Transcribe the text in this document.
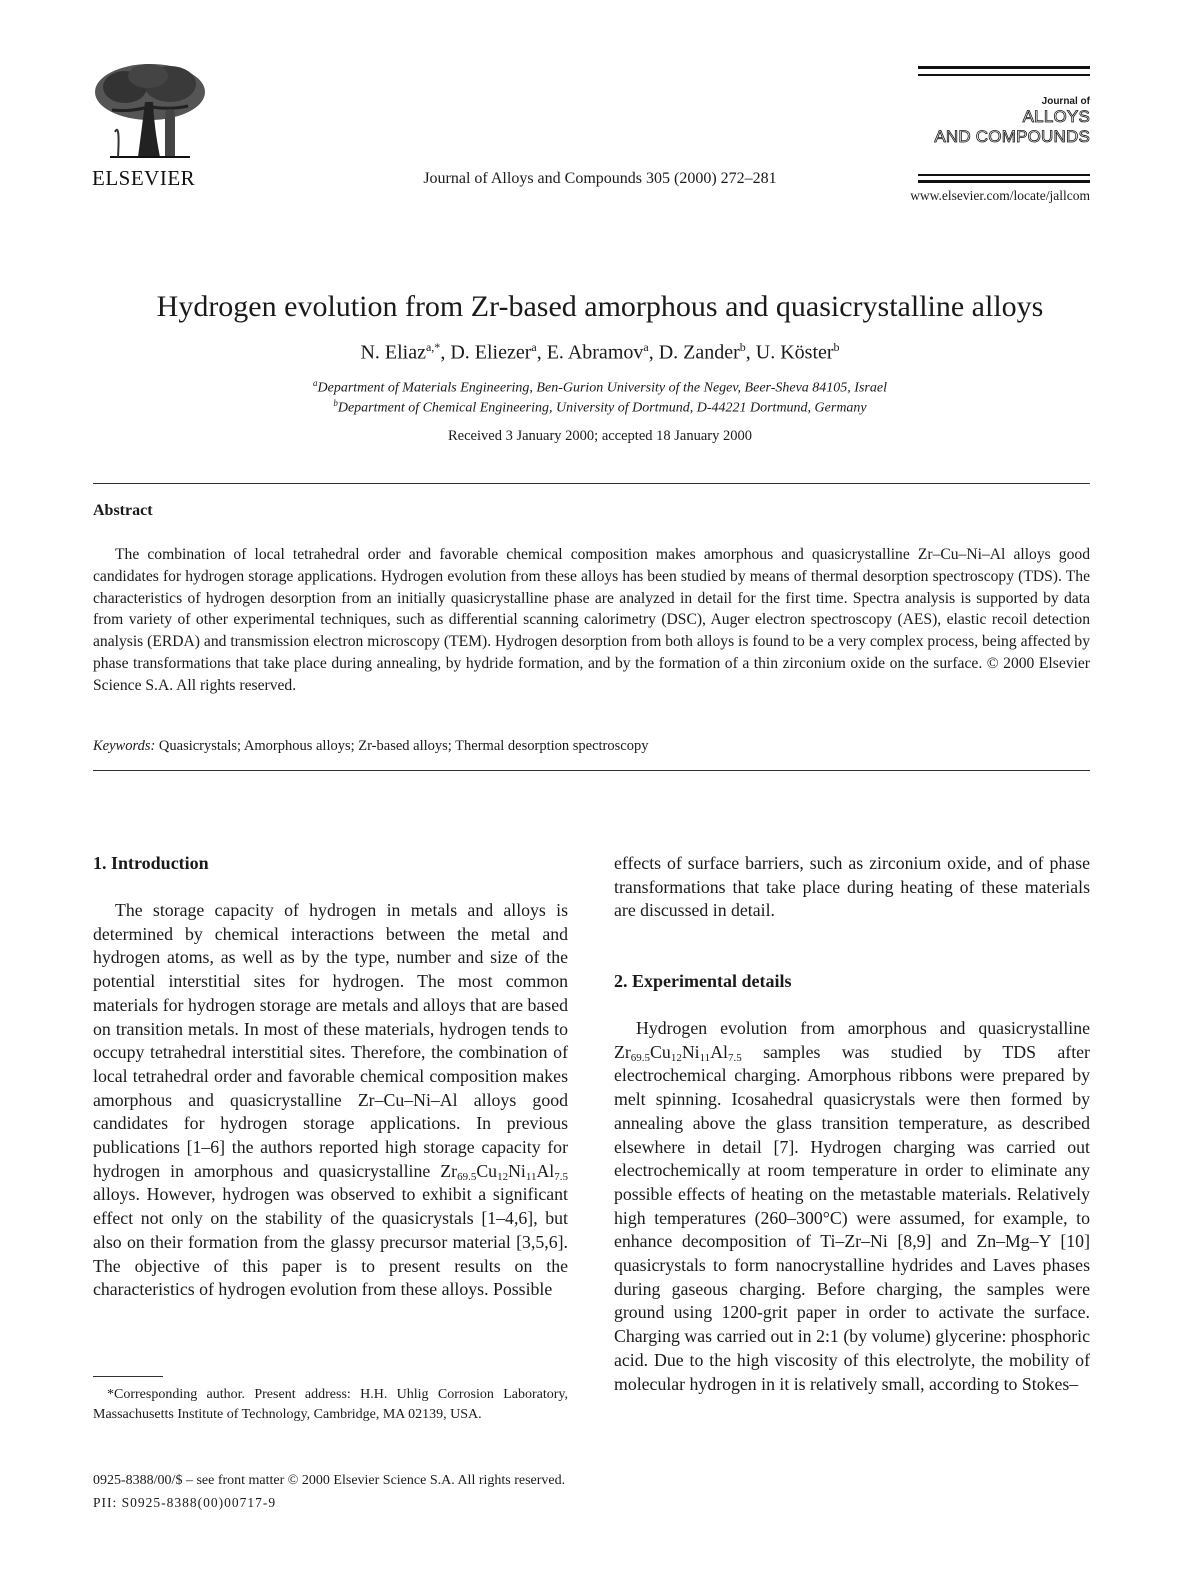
ELSEVIER	Journal of Alloys and Compounds 305 (2000) 272–281
Journal of
ALLOYS
AND COMPOUNDS
www.elsevier.com/locate/jallcom
Hydrogen evolution from Zr-based amorphous and quasicrystalline alloys
N. Eliaz$^{a,*}$, D. Eliezer$^a$, E. Abramov$^a$, D. Zander$^b$, U. Köster$^b$
$^a$Department of Materials Engineering, Ben-Gurion University of the Negev, Beer-Sheva 84105, Israel
$^b$Department of Chemical Engineering, University of Dortmund, D-44221 Dortmund, Germany
Received 3 January 2000; accepted 18 January 2000
Abstract
The combination of local tetrahedral order and favorable chemical composition makes amorphous and quasicrystalline Zr–Cu–Ni–Al alloys good candidates for hydrogen storage applications. Hydrogen evolution from these alloys has been studied by means of thermal desorption spectroscopy (TDS). The characteristics of hydrogen desorption from an initially quasicrystalline phase are analyzed in detail for the first time. Spectra analysis is supported by data from variety of other experimental techniques, such as differential scanning calorimetry (DSC), Auger electron spectroscopy (AES), elastic recoil detection analysis (ERDA) and transmission electron microscopy (TEM). Hydrogen desorption from both alloys is found to be a very complex process, being affected by phase transformations that take place during annealing, by hydride formation, and by the formation of a thin zirconium oxide on the surface. © 2000 Elsevier Science S.A. All rights reserved.
Keywords: Quasicrystals; Amorphous alloys; Zr-based alloys; Thermal desorption spectroscopy
1. Introduction
The storage capacity of hydrogen in metals and alloys is determined by chemical interactions between the metal and hydrogen atoms, as well as by the type, number and size of the potential interstitial sites for hydrogen. The most common materials for hydrogen storage are metals and alloys that are based on transition metals. In most of these materials, hydrogen tends to occupy tetrahedral interstitial sites. Therefore, the combination of local tetrahedral order and favorable chemical composition makes amorphous and quasicrystalline Zr–Cu–Ni–Al alloys good candidates for hydrogen storage applications. In previous publications [1–6] the authors reported high storage capacity for hydrogen in amorphous and quasicrystalline $Zr_{69.5}Cu_{12}Ni_{11}Al_{7.5}$ alloys. However, hydrogen was observed to exhibit a significant effect not only on the stability of the quasicrystals [1–4,6], but also on their formation from the glassy precursor material [3,5,6]. The objective of this paper is to present results on the characteristics of hydrogen evolution from these alloys. Possible
*Corresponding author. Present address: H.H. Uhlig Corrosion Laboratory, Massachusetts Institute of Technology, Cambridge, MA 02139, USA.
effects of surface barriers, such as zirconium oxide, and of phase transformations that take place during heating of these materials are discussed in detail.
2. Experimental details
Hydrogen evolution from amorphous and quasicrystalline $Zr_{69.5}Cu_{12}Ni_{11}Al_{7.5}$ samples was studied by TDS after electrochemical charging. Amorphous ribbons were prepared by melt spinning. Icosahedral quasicrystals were then formed by annealing above the glass transition temperature, as described elsewhere in detail [7]. Hydrogen charging was carried out electrochemically at room temperature in order to eliminate any possible effects of heating on the metastable materials. Relatively high temperatures (260–300°C) were assumed, for example, to enhance decomposition of Ti–Zr–Ni [8,9] and Zn–Mg–Y [10] quasicrystals to form nanocrystalline hydrides and Laves phases during gaseous charging. Before charging, the samples were ground using 1200-grit paper in order to activate the surface. Charging was carried out in 2:1 (by volume) glycerine: phosphoric acid. Due to the high viscosity of this electrolyte, the mobility of molecular hydrogen in it is relatively small, according to Stokes–
0925-8388/00/$ – see front matter © 2000 Elsevier Science S.A. All rights reserved.
PII: S0925-8388(00)00717-9
